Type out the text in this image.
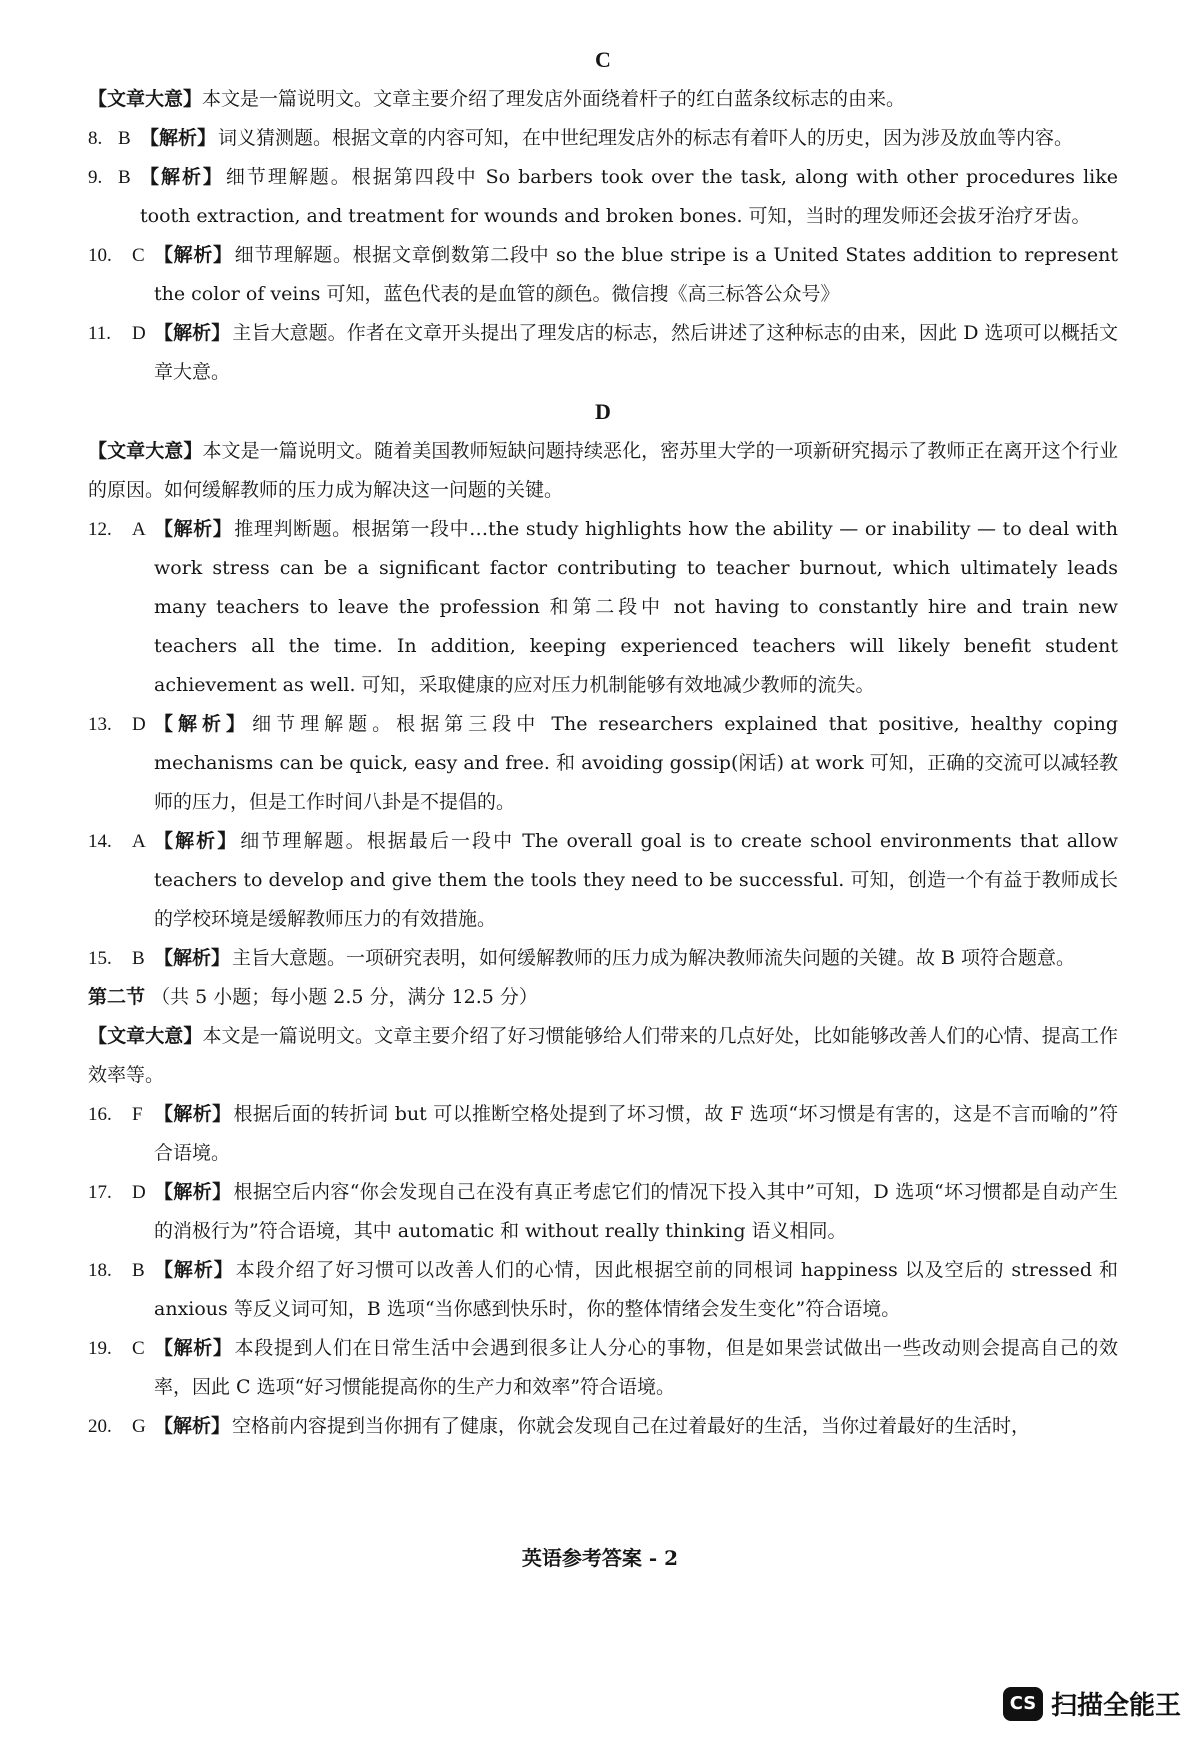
C
【文章大意】本文是一篇说明文。文章主要介绍了理发店外面绕着杆子的红白蓝条纹标志的由来。
8. B 【解析】 词义猜测题。根据文章的内容可知，在中世纪理发店外的标志有着吓人的历史，因为涉及放血等内容。
9. B 【解析】 细节理解题。根据第四段中 So barbers took over the task, along with other procedures like tooth extraction, and treatment for wounds and broken bones. 可知，当时的理发师还会拔牙治疗牙齿。
10.	C 【解析】 细节理解题。根据文章倒数第二段中 so the blue stripe is a United States addition to represent the color of veins 可知，蓝色代表的是血管的颜色。微信搜《高三标答公众号》
11.	D 【解析】 主旨大意题。作者在文章开头提出了理发店的标志，然后讲述了这种标志的由来，因此 D 选项可以概括文章大意。
D
【文章大意】本文是一篇说明文。随着美国教师短缺问题持续恶化，密苏里大学的一项新研究揭示了教师正在离开这个行业的原因。如何缓解教师的压力成为解决这一问题的关键。
12.	A 【解析】 推理判断题。根据第一段中…the study highlights how the ability — or inability — to deal with work stress can be a significant factor contributing to teacher burnout, which ultimately leads many teachers to leave the profession 和第二段中 not having to constantly hire and train new teachers all the time. In addition, keeping experienced teachers will likely benefit student achievement as well. 可知，采取健康的应对压力机制能够有效地减少教师的流失。
13.	D 【解析】 细节理解题。根据第三段中 The researchers explained that positive, healthy coping mechanisms can be quick, easy and free. 和 avoiding gossip(闲话) at work 可知，正确的交流可以减轻教师的压力，但是工作时间八卦是不提倡的。
14.	A 【解析】 细节理解题。根据最后一段中 The overall goal is to create school environments that allow teachers to develop and give them the tools they need to be successful. 可知，创造一个有益于教师成长的学校环境是缓解教师压力的有效措施。
15.	B 【解析】 主旨大意题。一项研究表明，如何缓解教师的压力成为解决教师流失问题的关键。故 B 项符合题意。
第二节 （共 5 小题；每小题 2.5 分，满分 12.5 分）
【文章大意】本文是一篇说明文。文章主要介绍了好习惯能够给人们带来的几点好处，比如能够改善人们的心情、提高工作效率等。
16.	F 【解析】 根据后面的转折词 but 可以推断空格处提到了坏习惯，故 F 选项“坏习惯是有害的，这是不言而喻的”符合语境。
17.	D 【解析】 根据空后内容“你会发现自己在没有真正考虑它们的情况下投入其中”可知，D 选项“坏习惯都是自动产生的消极行为”符合语境，其中 automatic 和 without really thinking 语义相同。
18.	B 【解析】 本段介绍了好习惯可以改善人们的心情，因此根据空前的同根词 happiness 以及空后的 stressed 和 anxious 等反义词可知，B 选项“当你感到快乐时，你的整体情绪会发生变化”符合语境。
19.	C 【解析】 本段提到人们在日常生活中会遇到很多让人分心的事物，但是如果尝试做出一些改动则会提高自己的效率，因此 C 选项“好习惯能提高你的生产力和效率”符合语境。
20.	G 【解析】 空格前内容提到当你拥有了健康，你就会发现自己在过着最好的生活，当你过着最好的生活时，
英语参考答案 - 2
CS 扫描全能王
